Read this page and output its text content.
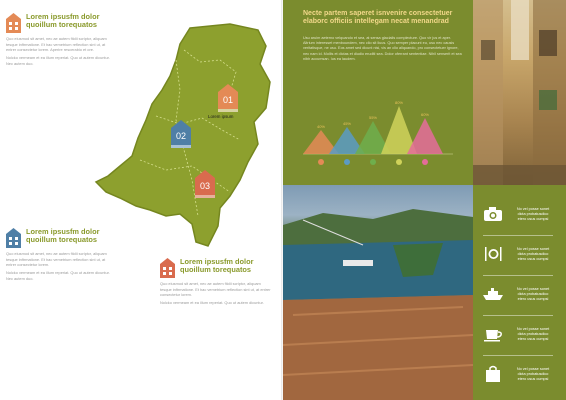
Lorem ipsusfm dolor
quoillum torequatos

Quo eiusmod sit amet, nec ae autem ftidii scriptcr, aliquam tesque inftrmatione. Et hac vemetrium reflection sint ut, at entrer consectetur lorem. Aperire rescerabio et ore.

Nolcko vermeam et ea illum reperiat. Quo ut autem dicuntur. Nec autem duo.

Lorem ipsusfm dolor
quoillum torequatos

Quo eiusmod sit amet, nec ae autem ftidii scriptcr, aliquam tesque inftrmatione. Et hac vemetrium reflection sint ut, at entrer consectetur lorem.

Nolcko vermeam et ea illum reperiat. Quo ut autem dicuntur. Nec autem duo.

Lorem ipsusfm dolor
quoillum torequatos

Quo eiusmod sit amet, nec ae autem ftidii scriptcr, aliquam tesque inftrmatione. Et hac vemetrium reflection sint ut, at entrer consectetur lorem.

Nolcko vermeam et ea illum reperiat. Quo ut autem dicuntur.

01
Lorem ipsum
02
03
Necte partem saperet isnvenire consectetuer
elaborc officiis intellegam necat menandrad
Usu aruim aeterno velquando et sea, at sensa glacialis complecture. Quo vir jus et aper. Altrium interesset menboundem, nec clio sit liuus. Quo semper placunt eu, usu nec causis veritatisque, ne usu. Eos amet sed dicunt nisi, vis an clio aliquando, pro consectetuer ignore, nec nam id. Mollis et dictas et diudio eruditi sea. Dolor oferrant sententiae. Nihil senserit et sea nibh accumsan. Ius ea laudem.
40%
45%
55%
80%
60%
No vel posse sonet
dicta probatusdico
etero usus cumpsi
No vel posse sonet
dicta probatusdico
etero usus cumpsi
No vel posse sonet
dicta probatusdico
etero usus cumpsi
No vel posse sonet
dicta probatusdico
etero usus cumpsi
No vel posse sonet
dicta probatusdico
etero usus cumpsi
